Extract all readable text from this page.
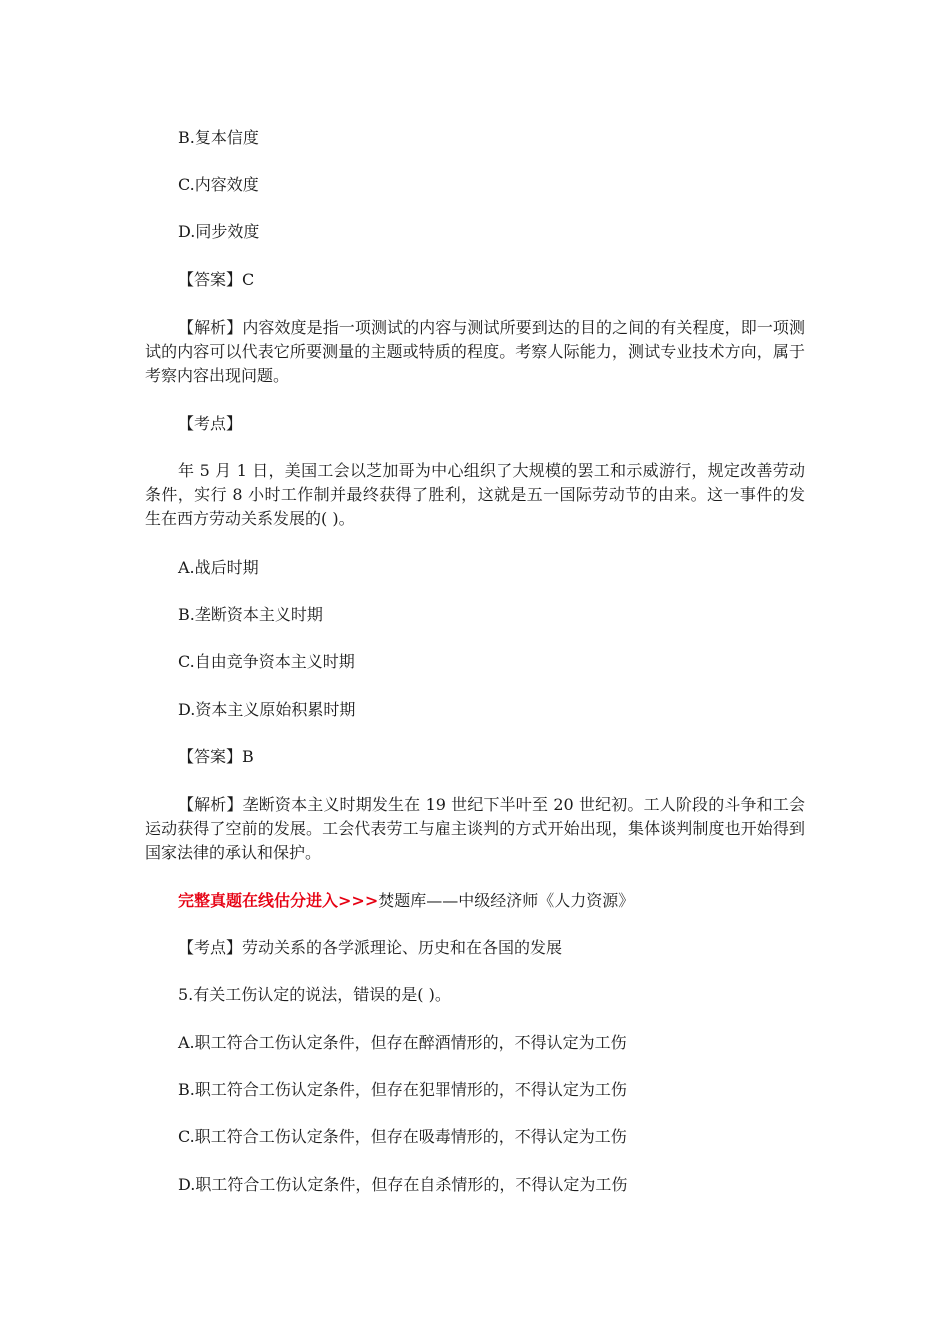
B.复本信度
C.内容效度
D.同步效度
【答案】C
【解析】内容效度是指一项测试的内容与测试所要到达的目的之间的有关程度，即一项测试的内容可以代表它所要测量的主题或特质的程度。考察人际能力，测试专业技术方向，属于考察内容出现问题。
【考点】
年 5 月 1 日，美国工会以芝加哥为中心组织了大规模的罢工和示威游行，规定改善劳动条件，实行 8 小时工作制并最终获得了胜利，这就是五一国际劳动节的由来。这一事件的发生在西方劳动关系发展的( )。
A.战后时期
B.垄断资本主义时期
C.自由竞争资本主义时期
D.资本主义原始积累时期
【答案】B
【解析】垄断资本主义时期发生在 19 世纪下半叶至 20 世纪初。工人阶段的斗争和工会运动获得了空前的发展。工会代表劳工与雇主谈判的方式开始出现，集体谈判制度也开始得到国家法律的承认和保护。
完整真题在线估分进入>>>焚题库——中级经济师《人力资源》
【考点】劳动关系的各学派理论、历史和在各国的发展
5.有关工伤认定的说法，错误的是( )。
A.职工符合工伤认定条件，但存在醉酒情形的，不得认定为工伤
B.职工符合工伤认定条件，但存在犯罪情形的，不得认定为工伤
C.职工符合工伤认定条件，但存在吸毒情形的，不得认定为工伤
D.职工符合工伤认定条件，但存在自杀情形的，不得认定为工伤
